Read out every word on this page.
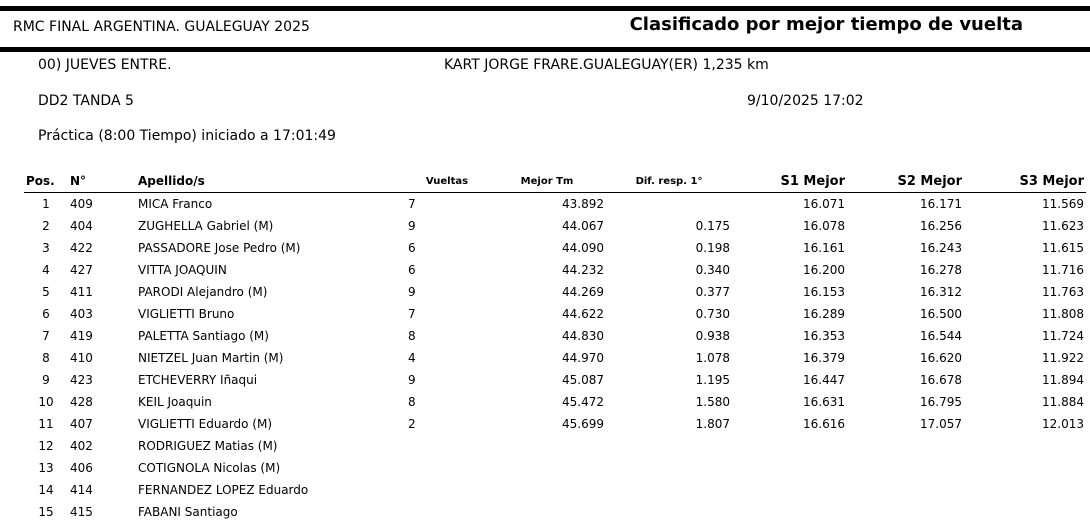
RMC FINAL ARGENTINA. GUALEGUAY 2025	Clasificado por mejor tiempo de vuelta
00) JUEVES ENTRE.	KART JORGE FRARE.GUALEGUAY(ER) 1,235 km
DD2 TANDA 5	9/10/2025 17:02
Práctica (8:00 Tiempo) iniciado a 17:01:49
Pos.	N°	Apellido/s	Vueltas	Mejor Tm	Dif. resp. 1°	S1 Mejor	S2 Mejor	S3 Mejor
1	409	MICA Franco	7	43.892		16.071	16.171	11.569
2	404	ZUGHELLA Gabriel (M)	9	44.067	0.175	16.078	16.256	11.623
3	422	PASSADORE Jose Pedro (M)	6	44.090	0.198	16.161	16.243	11.615
4	427	VITTA JOAQUIN	6	44.232	0.340	16.200	16.278	11.716
5	411	PARODI Alejandro (M)	9	44.269	0.377	16.153	16.312	11.763
6	403	VIGLIETTI Bruno	7	44.622	0.730	16.289	16.500	11.808
7	419	PALETTA Santiago (M)	8	44.830	0.938	16.353	16.544	11.724
8	410	NIETZEL Juan Martin (M)	4	44.970	1.078	16.379	16.620	11.922
9	423	ETCHEVERRY Iñaqui	9	45.087	1.195	16.447	16.678	11.894
10	428	KEIL Joaquin	8	45.472	1.580	16.631	16.795	11.884
11	407	VIGLIETTI Eduardo (M)	2	45.699	1.807	16.616	17.057	12.013
12	402	RODRIGUEZ Matias (M)						
13	406	COTIGNOLA Nicolas (M)						
14	414	FERNANDEZ LOPEZ Eduardo						
15	415	FABANI Santiago						
